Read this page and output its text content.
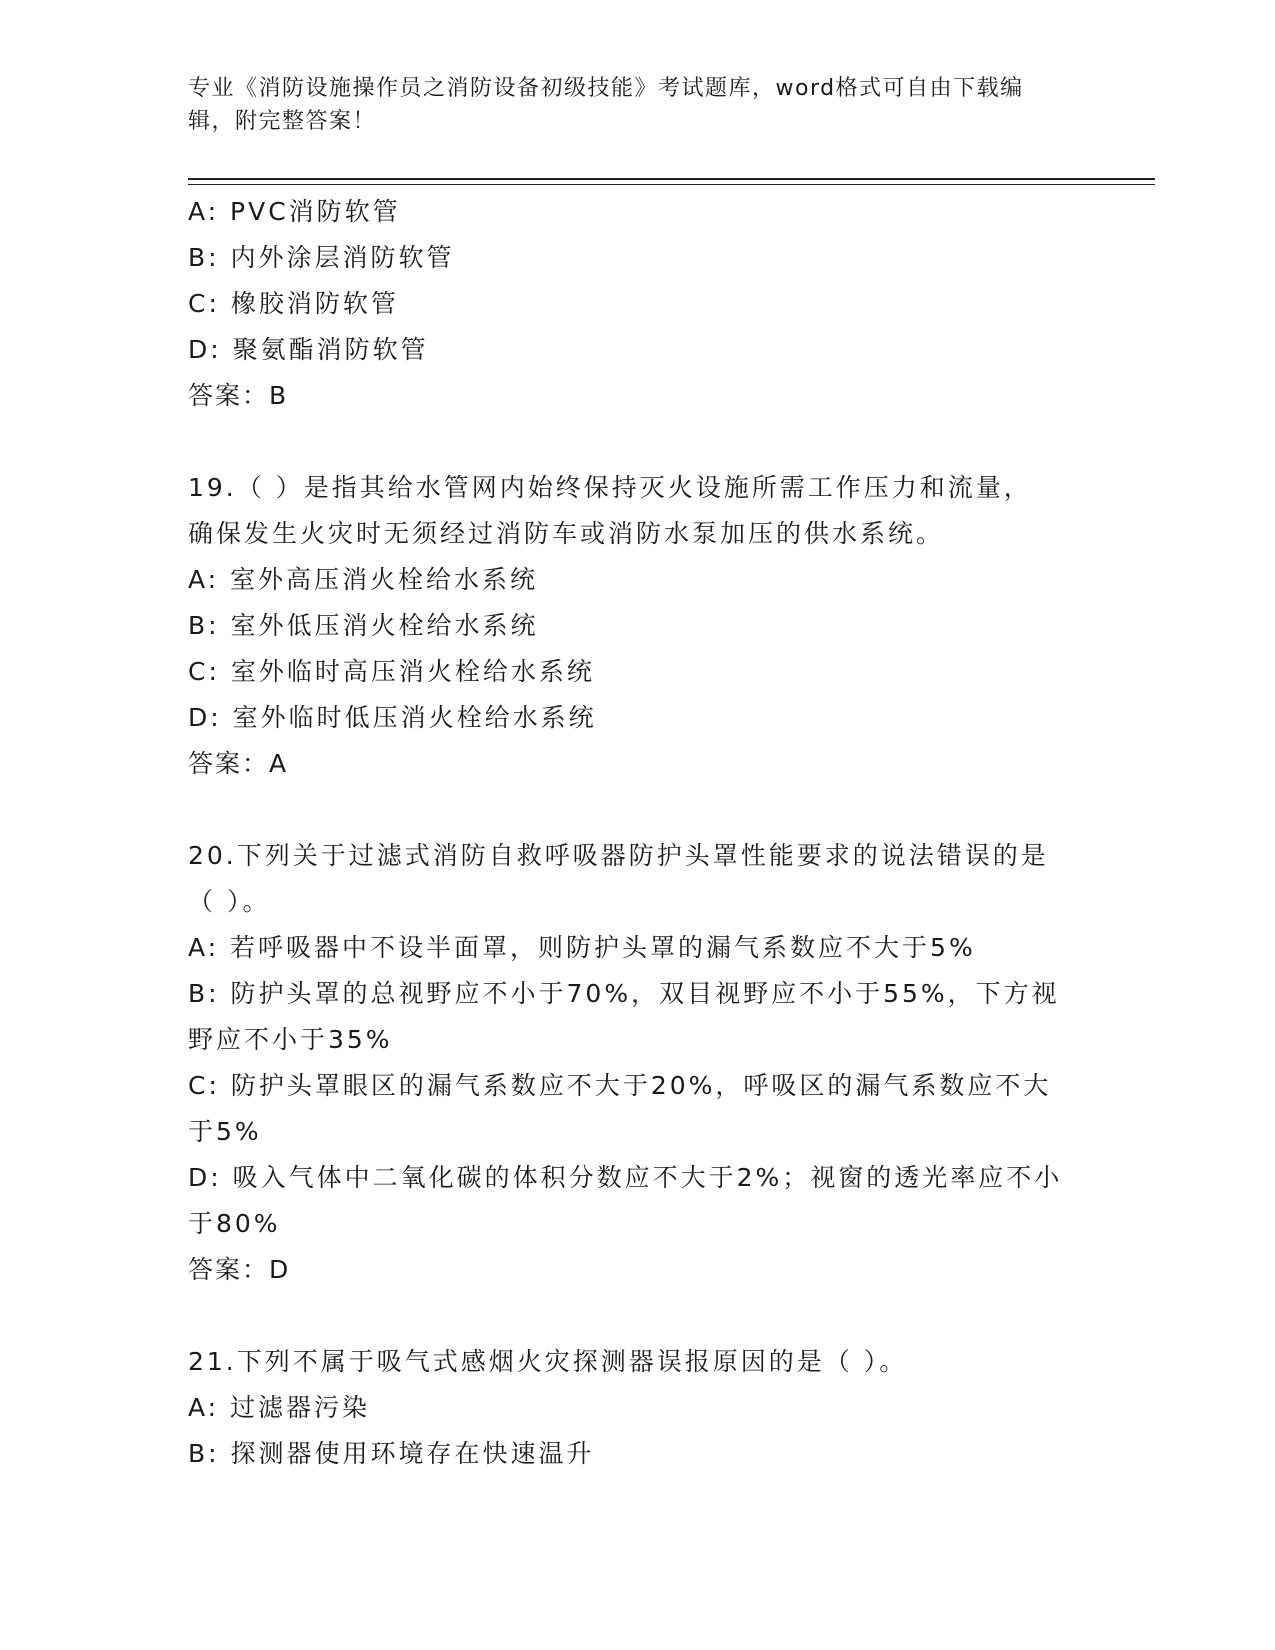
专业《消防设施操作员之消防设备初级技能》考试题库，word格式可自由下载编
辑，附完整答案！
A: PVC消防软管
B: 内外涂层消防软管
C: 橡胶消防软管
D: 聚氨酯消防软管
答案：B
19.（ ）是指其给水管网内始终保持灭火设施所需工作压力和流量，
确保发生火灾时无须经过消防车或消防水泵加压的供水系统。
A: 室外高压消火栓给水系统
B: 室外低压消火栓给水系统
C: 室外临时高压消火栓给水系统
D: 室外临时低压消火栓给水系统
答案：A
20.下列关于过滤式消防自救呼吸器防护头罩性能要求的说法错误的是
（ ）。
A: 若呼吸器中不设半面罩，则防护头罩的漏气系数应不大于5%
B: 防护头罩的总视野应不小于70%，双目视野应不小于55%，下方视
野应不小于35%
C: 防护头罩眼区的漏气系数应不大于20%，呼吸区的漏气系数应不大
于5%
D: 吸入气体中二氧化碳的体积分数应不大于2%；视窗的透光率应不小
于80%
答案：D
21.下列不属于吸气式感烟火灾探测器误报原因的是（ ）。
A: 过滤器污染
B: 探测器使用环境存在快速温升
